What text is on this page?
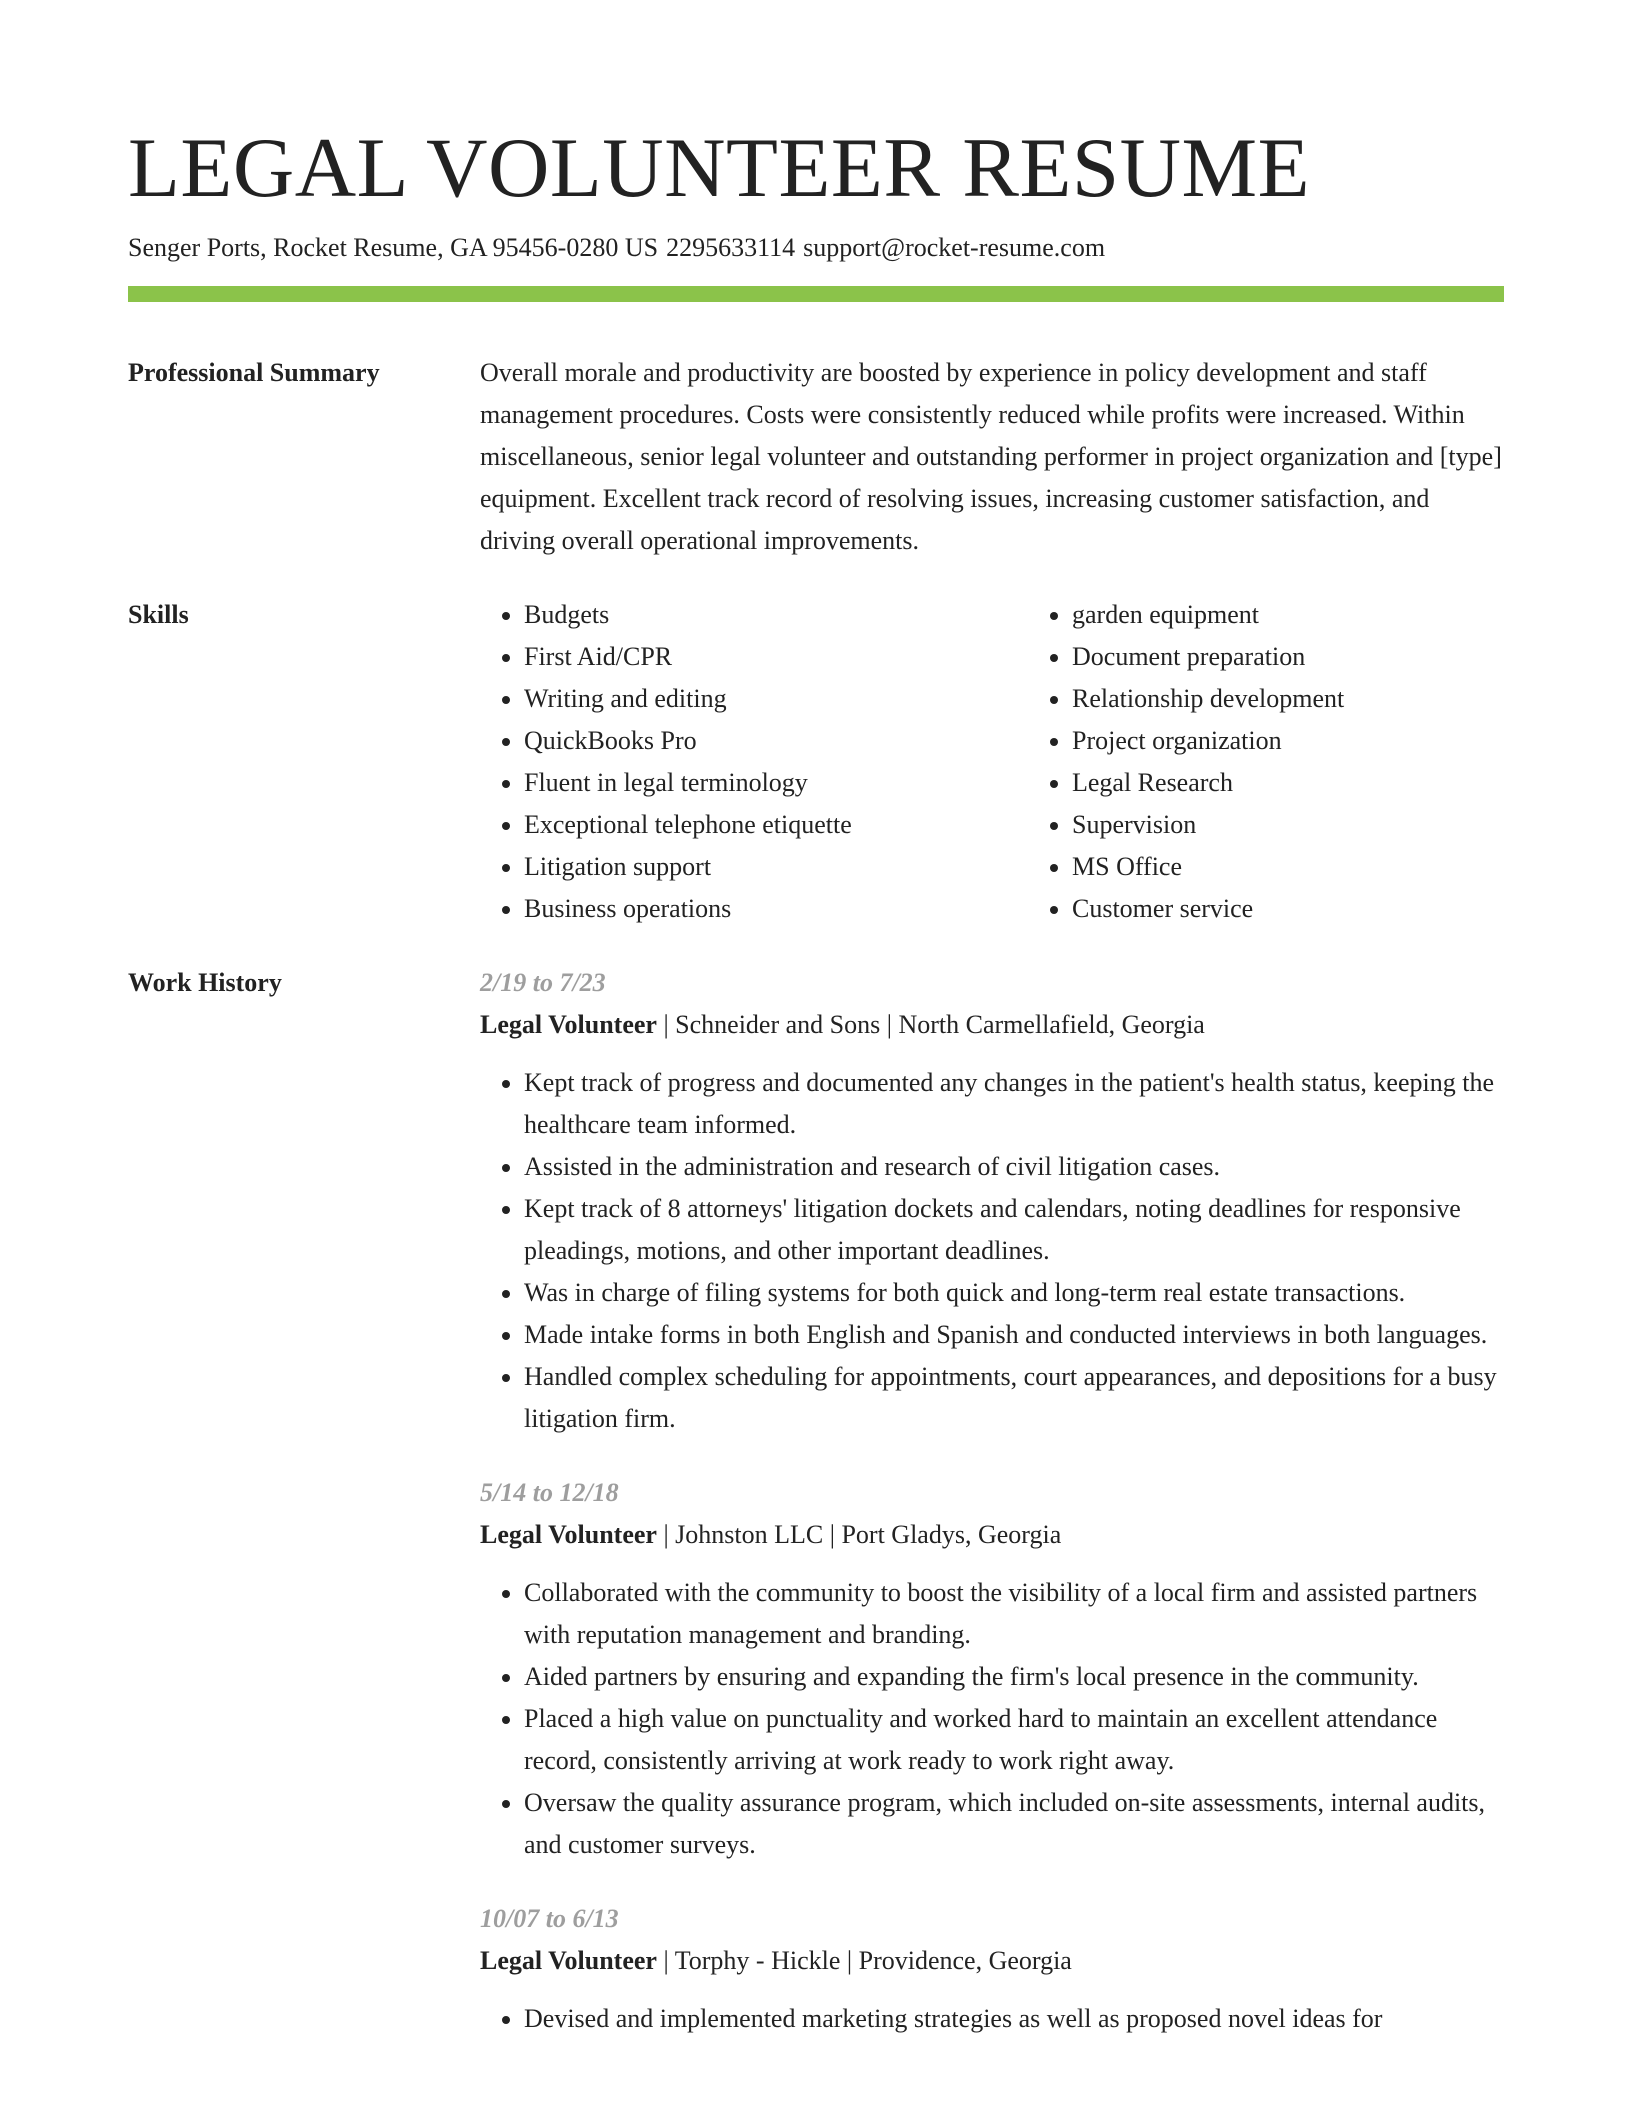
LEGAL VOLUNTEER RESUME
Senger Ports, Rocket Resume, GA 95456-0280 US 2295633114 support@rocket-resume.com
Professional Summary	Overall morale and productivity are boosted by experience in policy development and staff management procedures. Costs were consistently reduced while profits were increased. Within miscellaneous, senior legal volunteer and outstanding performer in project organization and [type] equipment. Excellent track record of resolving issues, increasing customer satisfaction, and driving overall operational improvements.

Skills
•	Budgets
• First Aid/CPR
• Writing and editing
• QuickBooks Pro
• Fluent in legal terminology
• Exceptional telephone etiquette
• Litigation support
• Business operations
• garden equipment
• Document preparation
• Relationship development
• Project organization
• Legal Research
• Supervision
• MS Office
• Customer service
Work History	2/19 to 7/23
Legal Volunteer | Schneider and Sons | North Carmellafield, Georgia
• Kept track of progress and documented any changes in the patient's health status, keeping the healthcare team informed.
• Assisted in the administration and research of civil litigation cases.
• Kept track of 8 attorneys' litigation dockets and calendars, noting deadlines for responsive pleadings, motions, and other important deadlines.
• Was in charge of filing systems for both quick and long-term real estate transactions.
• Made intake forms in both English and Spanish and conducted interviews in both languages.
• Handled complex scheduling for appointments, court appearances, and depositions for a busy litigation firm.
5/14 to 12/18
Legal Volunteer | Johnston LLC | Port Gladys, Georgia
• Collaborated with the community to boost the visibility of a local firm and assisted partners with reputation management and branding.
• Aided partners by ensuring and expanding the firm's local presence in the community.
• Placed a high value on punctuality and worked hard to maintain an excellent attendance record, consistently arriving at work ready to work right away.
• Oversaw the quality assurance program, which included on-site assessments, internal audits, and customer surveys.
10/07 to 6/13
Legal Volunteer | Torphy - Hickle | Providence, Georgia
• Devised and implemented marketing strategies as well as proposed novel ideas for
